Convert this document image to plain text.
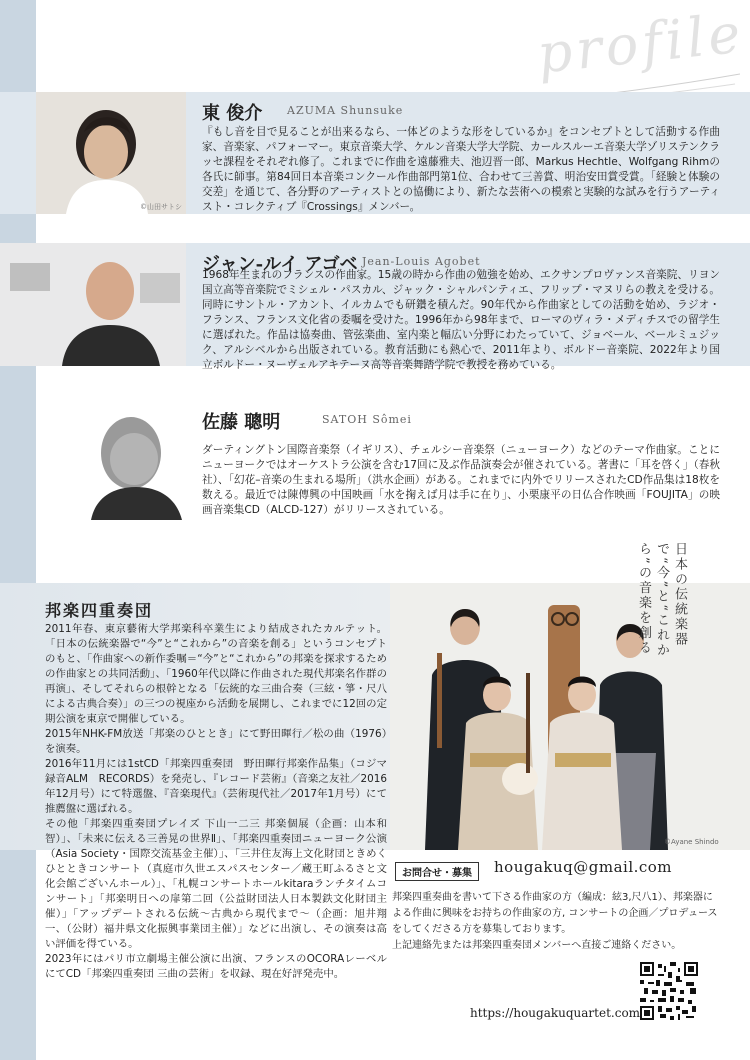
profile
©山田サトシ
東 俊介 AZUMA Shunsuke

『もし音を目で見ることが出来るなら、一体どのような形をしているか』をコンセプトとして活動する作曲家、音楽家、パフォーマー。東京音楽大学、ケルン音楽大学大学院、カールスルーエ音楽大学ゾリステンクラッセ課程をそれぞれ修了。これまでに作曲を遠藤雅夫、池辺晋一郎、Markus Hechtle、Wolfgang Rihmの各氏に師事。第84回日本音楽コンクール作曲部門第1位、合わせて三善賞、明治安田賞受賞。「経験と体験の交差」を通じて、各分野のアーティストとの協働により、新たな芸術への模索と実験的な試みを行うアーティスト・コレクティブ『Crossings』メンバー。

ジャン-ルイ アゴベ Jean-Louis Agobet

1968年生まれのフランスの作曲家。15歳の時から作曲の勉強を始め、エクサンプロヴァンス音楽院、リヨン国立高等音楽院でミシェル・パスカル、ジャック・シャルパンティエ、フリップ・マヌリらの教えを受ける。同時にサントル・アカント、イルカムでも研鑽を積んだ。90年代から作曲家としての活動を始め、ラジオ・フランス、フランス文化省の委嘱を受けた。1996年から98年まで、ローマのヴィラ・メディチスでの留学生に選ばれた。作品は協奏曲、管弦楽曲、室内楽と幅広い分野にわたっていて、ジョベール、ベールミュジック、アルシベルから出版されている。教育活動にも熱心で、2011年より、ボルドー音楽院、2022年より国立ボルドー・ヌーヴェルアキテーヌ高等音楽舞踏学院で教授を務めている。

佐藤 聰明	SATOH Sômei

ダーティングトン国際音楽祭（イギリス）、チェルシー音楽祭（ニューヨーク）などのテーマ作曲家。ことにニューヨークではオーケストラ公演を含む17回に及ぶ作品演奏会が催されている。著書に「耳を啓く」（春秋社）、「幻花–音楽の生まれる場所」（洪水企画）がある。これまでに内外でリリースされたCD作品集は18枚を数える。最近では陳傳興の中国映画「水を掬えば月は手に在り」、小栗康平の日仏合作映画「FOUJITA」の映画音楽集CD（ALCD-127）がリリースされている。

邦楽四重奏団

2011年春、東京藝術大学邦楽科卒業生により結成されたカルテット。「日本の伝統楽器で“今”と“これから”の音楽を創る」というコンセプトのもと、「作曲家への新作委嘱＝“今”と“これから”の邦楽を探求するための作曲家との共同活動」、「1960年代以降に作曲された現代邦楽名作群の再演」、そしてそれらの根幹となる「伝統的な三曲合奏（三絃・箏・尺八による古典合奏）」の三つの視座から活動を展開し、これまでに12回の定期公演を東京で開催している。

2015年NHK-FM放送「邦楽のひととき」にて野田暉行／松の曲（1976）を演奏。

2016年11月には1stCD「邦楽四重奏団　野田暉行邦楽作品集」（コジマ録音ALM　RECORDS）を発売し、『レコード芸術』（音楽之友社／2016年12月号）にて特選盤、『音楽現代』（芸術現代社／2017年1月号）にて推薦盤に選ばれる。

その他「邦楽四重奏団プレイズ 下山一二三 邦楽個展（企画：山本和智）」、「未来に伝える三善晃の世界Ⅱ」、「邦楽四重奏団ニューヨーク公演（Asia Society・国際交流基金主催）」、「三井住友海上文化財団ときめくひとときコンサート（真庭市久世エスパスセンター／蔵王町ふるさと文化会館ございんホール）」、「札幌コンサートホールkitaraランチタイムコンサート」「邦楽明日への扉第二回（公益財団法人日本製鉄文化財団主催）」「アップデートされる伝統〜古典から現代まで〜（企画：旭井翔一、（公財）福井県文化振興事業団主催）」などに出演し、その演奏は高い評価を得ている。

2023年にはパリ市立劇場主催公演に出演、フランスのOCORAレーベルにてCD「邦楽四重奏団 三曲の芸術」を収録、現在好評発売中。

日本の伝統楽器で“今”と“これから”の音楽を創る
©Ayane Shindo
お問合せ・募集	hougakuq@gmail.com

邦楽四重奏曲を書いて下さる作曲家の方（編成：絃3,尺八1）、邦楽器による作曲に興味をお持ちの作曲家の方, コンサートの企画／プロデュースをしてくださる方を募集しております。

上記連絡先または邦楽四重奏団メンバーへ直接ご連絡ください。

https://hougakuquartet.com
